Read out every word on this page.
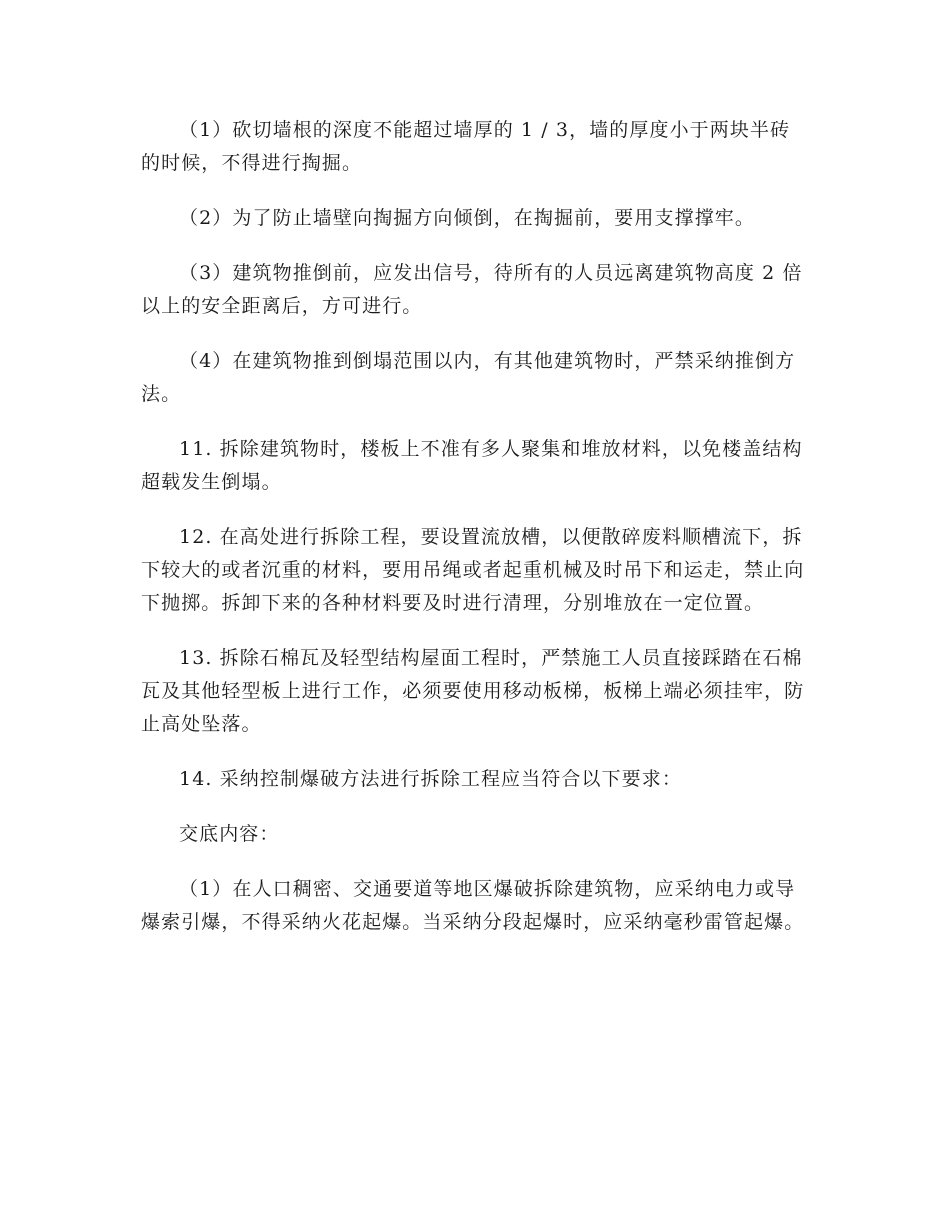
（1）砍切墙根的深度不能超过墙厚的 1 / 3，墙的厚度小于两块半砖的时候，不得进行掏掘。

（2）为了防止墙壁向掏掘方向倾倒，在掏掘前，要用支撑撑牢。

（3）建筑物推倒前，应发出信号，待所有的人员远离建筑物高度 2 倍以上的安全距离后，方可进行。

（4）在建筑物推到倒塌范围以内，有其他建筑物时，严禁采纳推倒方法。

11. 拆除建筑物时，楼板上不准有多人聚集和堆放材料，以免楼盖结构超载发生倒塌。

12. 在高处进行拆除工程，要设置流放槽，以便散碎废料顺槽流下，拆下较大的或者沉重的材料，要用吊绳或者起重机械及时吊下和运走，禁止向下抛掷。拆卸下来的各种材料要及时进行清理，分别堆放在一定位置。

13. 拆除石棉瓦及轻型结构屋面工程时，严禁施工人员直接踩踏在石棉瓦及其他轻型板上进行工作，必须要使用移动板梯，板梯上端必须挂牢，防止高处坠落。

14. 采纳控制爆破方法进行拆除工程应当符合以下要求：

交底内容：

（1）在人口稠密、交通要道等地区爆破拆除建筑物，应采纳电力或导爆索引爆，不得采纳火花起爆。当采纳分段起爆时，应采纳毫秒雷管起爆。
